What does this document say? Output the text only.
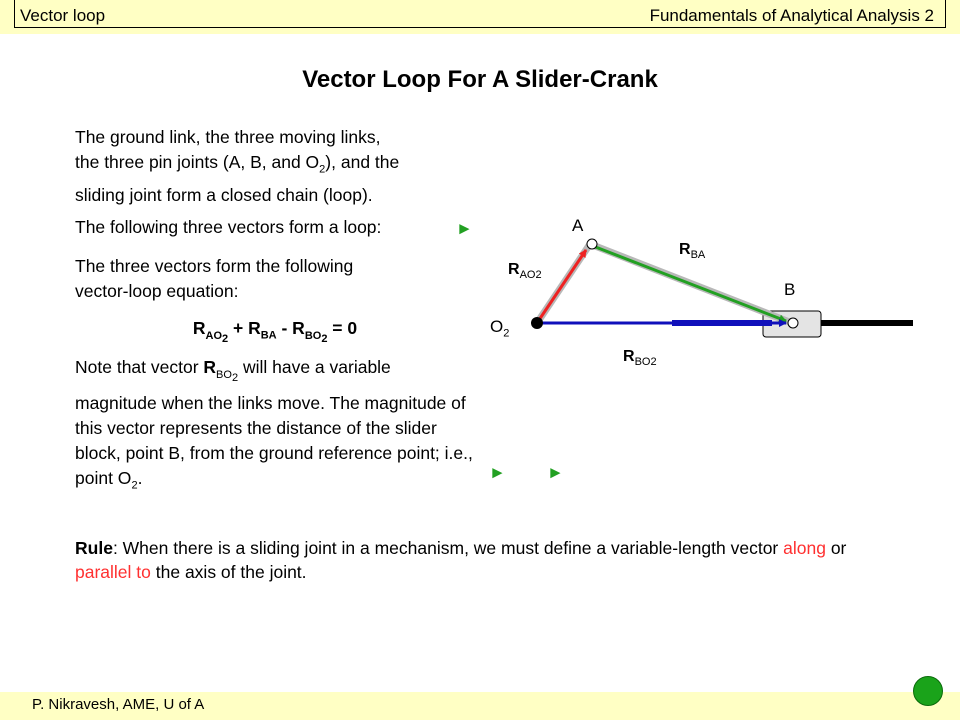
Vector loop	Fundamentals of Analytical Analysis 2
Vector Loop For A Slider-Crank
The ground link, the three moving links,
the three pin joints (A, B, and $O_2$), and the
sliding joint form a closed chain (loop).
The following three vectors form a loop:	►
The three vectors form the following
vector-loop equation:
$R_{AO_2} + R_{BA} - R_{BO_2} = 0$
Note that vector $R_{BO_2}$ will have a variable magnitude when the links move. The magnitude of this vector represents the distance of the slider block, point B, from the ground reference point; i.e., point $O_2$.	► ►
Rule: When there is a sliding joint in a mechanism, we must define a variable-length vector along or parallel to the axis of the joint.
A
B
$O_2$
$R_{AO2}$
$R_{BA}$
$R_{BO2}$
P. Nikravesh, AME, U of A
